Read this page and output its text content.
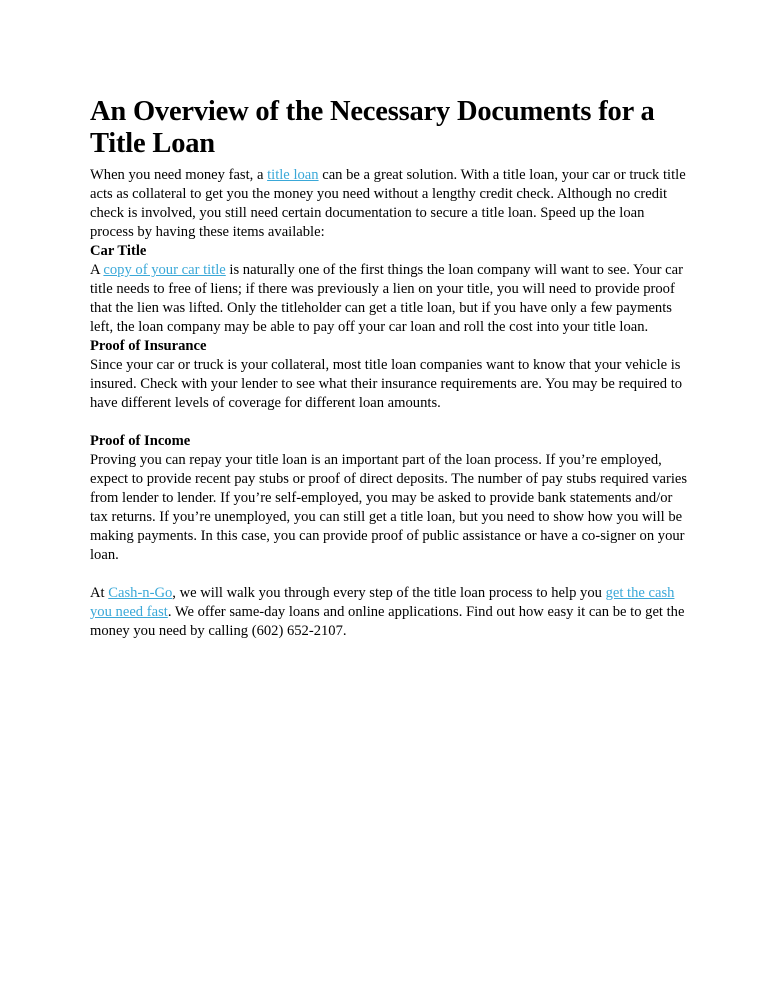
An Overview of the Necessary Documents for a Title Loan

When you need money fast, a title loan can be a great solution. With a title loan, your car or truck title acts as collateral to get you the money you need without a lengthy credit check. Although no credit check is involved, you still need certain documentation to secure a title loan. Speed up the loan process by having these items available:

Car Title

A copy of your car title is naturally one of the first things the loan company will want to see. Your car title needs to free of liens; if there was previously a lien on your title, you will need to provide proof that the lien was lifted. Only the titleholder can get a title loan, but if you have only a few payments left, the loan company may be able to pay off your car loan and roll the cost into your title loan.

Proof of Insurance

Since your car or truck is your collateral, most title loan companies want to know that your vehicle is insured. Check with your lender to see what their insurance requirements are. You may be required to have different levels of coverage for different loan amounts.

Proof of Income

Proving you can repay your title loan is an important part of the loan process. If you’re employed, expect to provide recent pay stubs or proof of direct deposits. The number of pay stubs required varies from lender to lender. If you’re self-employed, you may be asked to provide bank statements and/or tax returns. If you’re unemployed, you can still get a title loan, but you need to show how you will be making payments. In this case, you can provide proof of public assistance or have a co-signer on your loan.

At Cash-n-Go, we will walk you through every step of the title loan process to help you get the cash you need fast. We offer same-day loans and online applications. Find out how easy it can be to get the money you need by calling (602) 652-2107.
